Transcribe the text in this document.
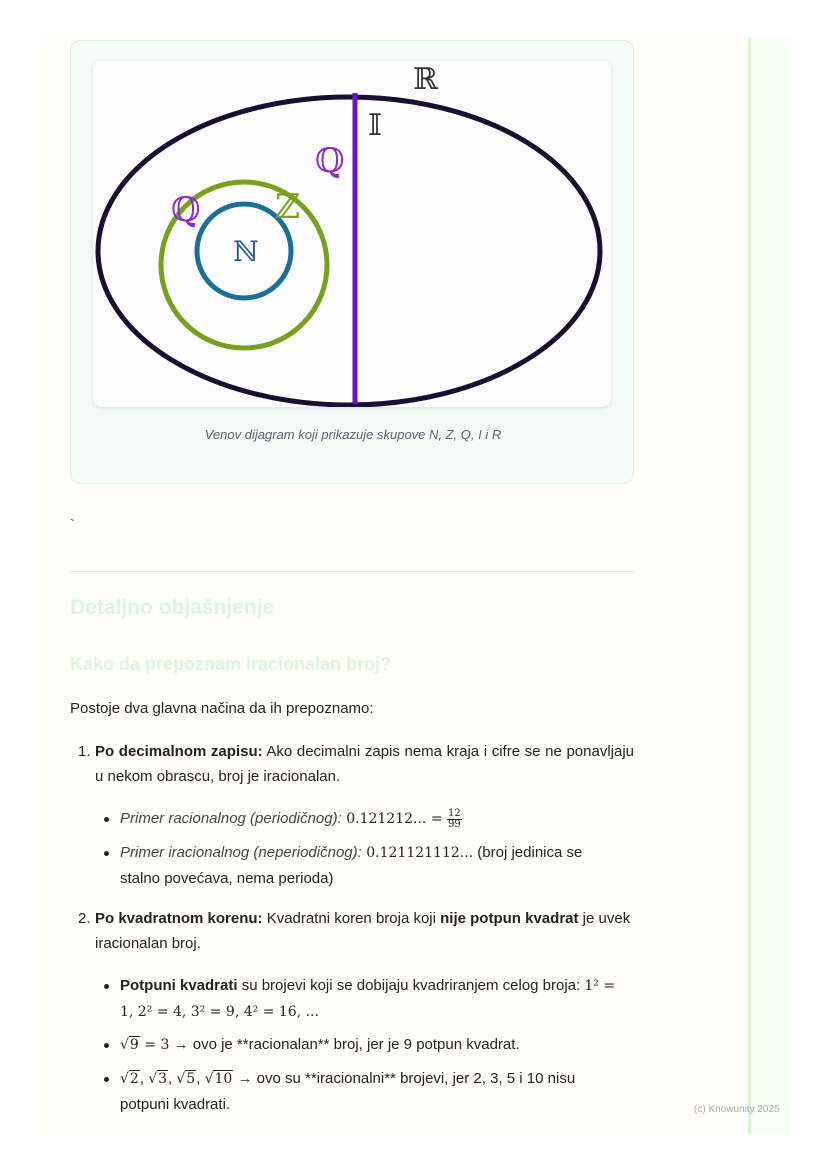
ℝ
𝕀
ℚ
ℚ ℤ
ℕ
Venov dijagram koji prikazuje skupove N, Z, Q, I i R
`
Detaljno objašnjenje
Kako da prepoznam iracionalan broj?
Postoje dva glavna načina da ih prepoznamo:
1. Po decimalnom zapisu: Ako decimalni zapis nema kraja i cifre se ne ponavljaju u nekom obrascu, broj je iracionalan.
Primer racionalnog (periodičnog): 0.121212... = $\frac{12}{99}$
Primer iracionalnog (neperiodičnog): 0.121121112... (broj jedinica se stalno povećava, nema perioda)
2. Po kvadratnom korenu: Kvadratni koren broja koji nije potpun kvadrat je uvek iracionalan broj.
Potpuni kvadrati su brojevi koji se dobijaju kvadriranjem celog broja: 1² = 1, 2² = 4, 3² = 9, 4² = 16, ...
√9 = 3 → ovo je **racionalan** broj, jer je 9 potpun kvadrat.
√2, √3, √5, √10 → ovo su **iracionalni** brojevi, jer 2, 3, 5 i 10 nisu potpuni kvadrati.	(c) Knowunity 2025
